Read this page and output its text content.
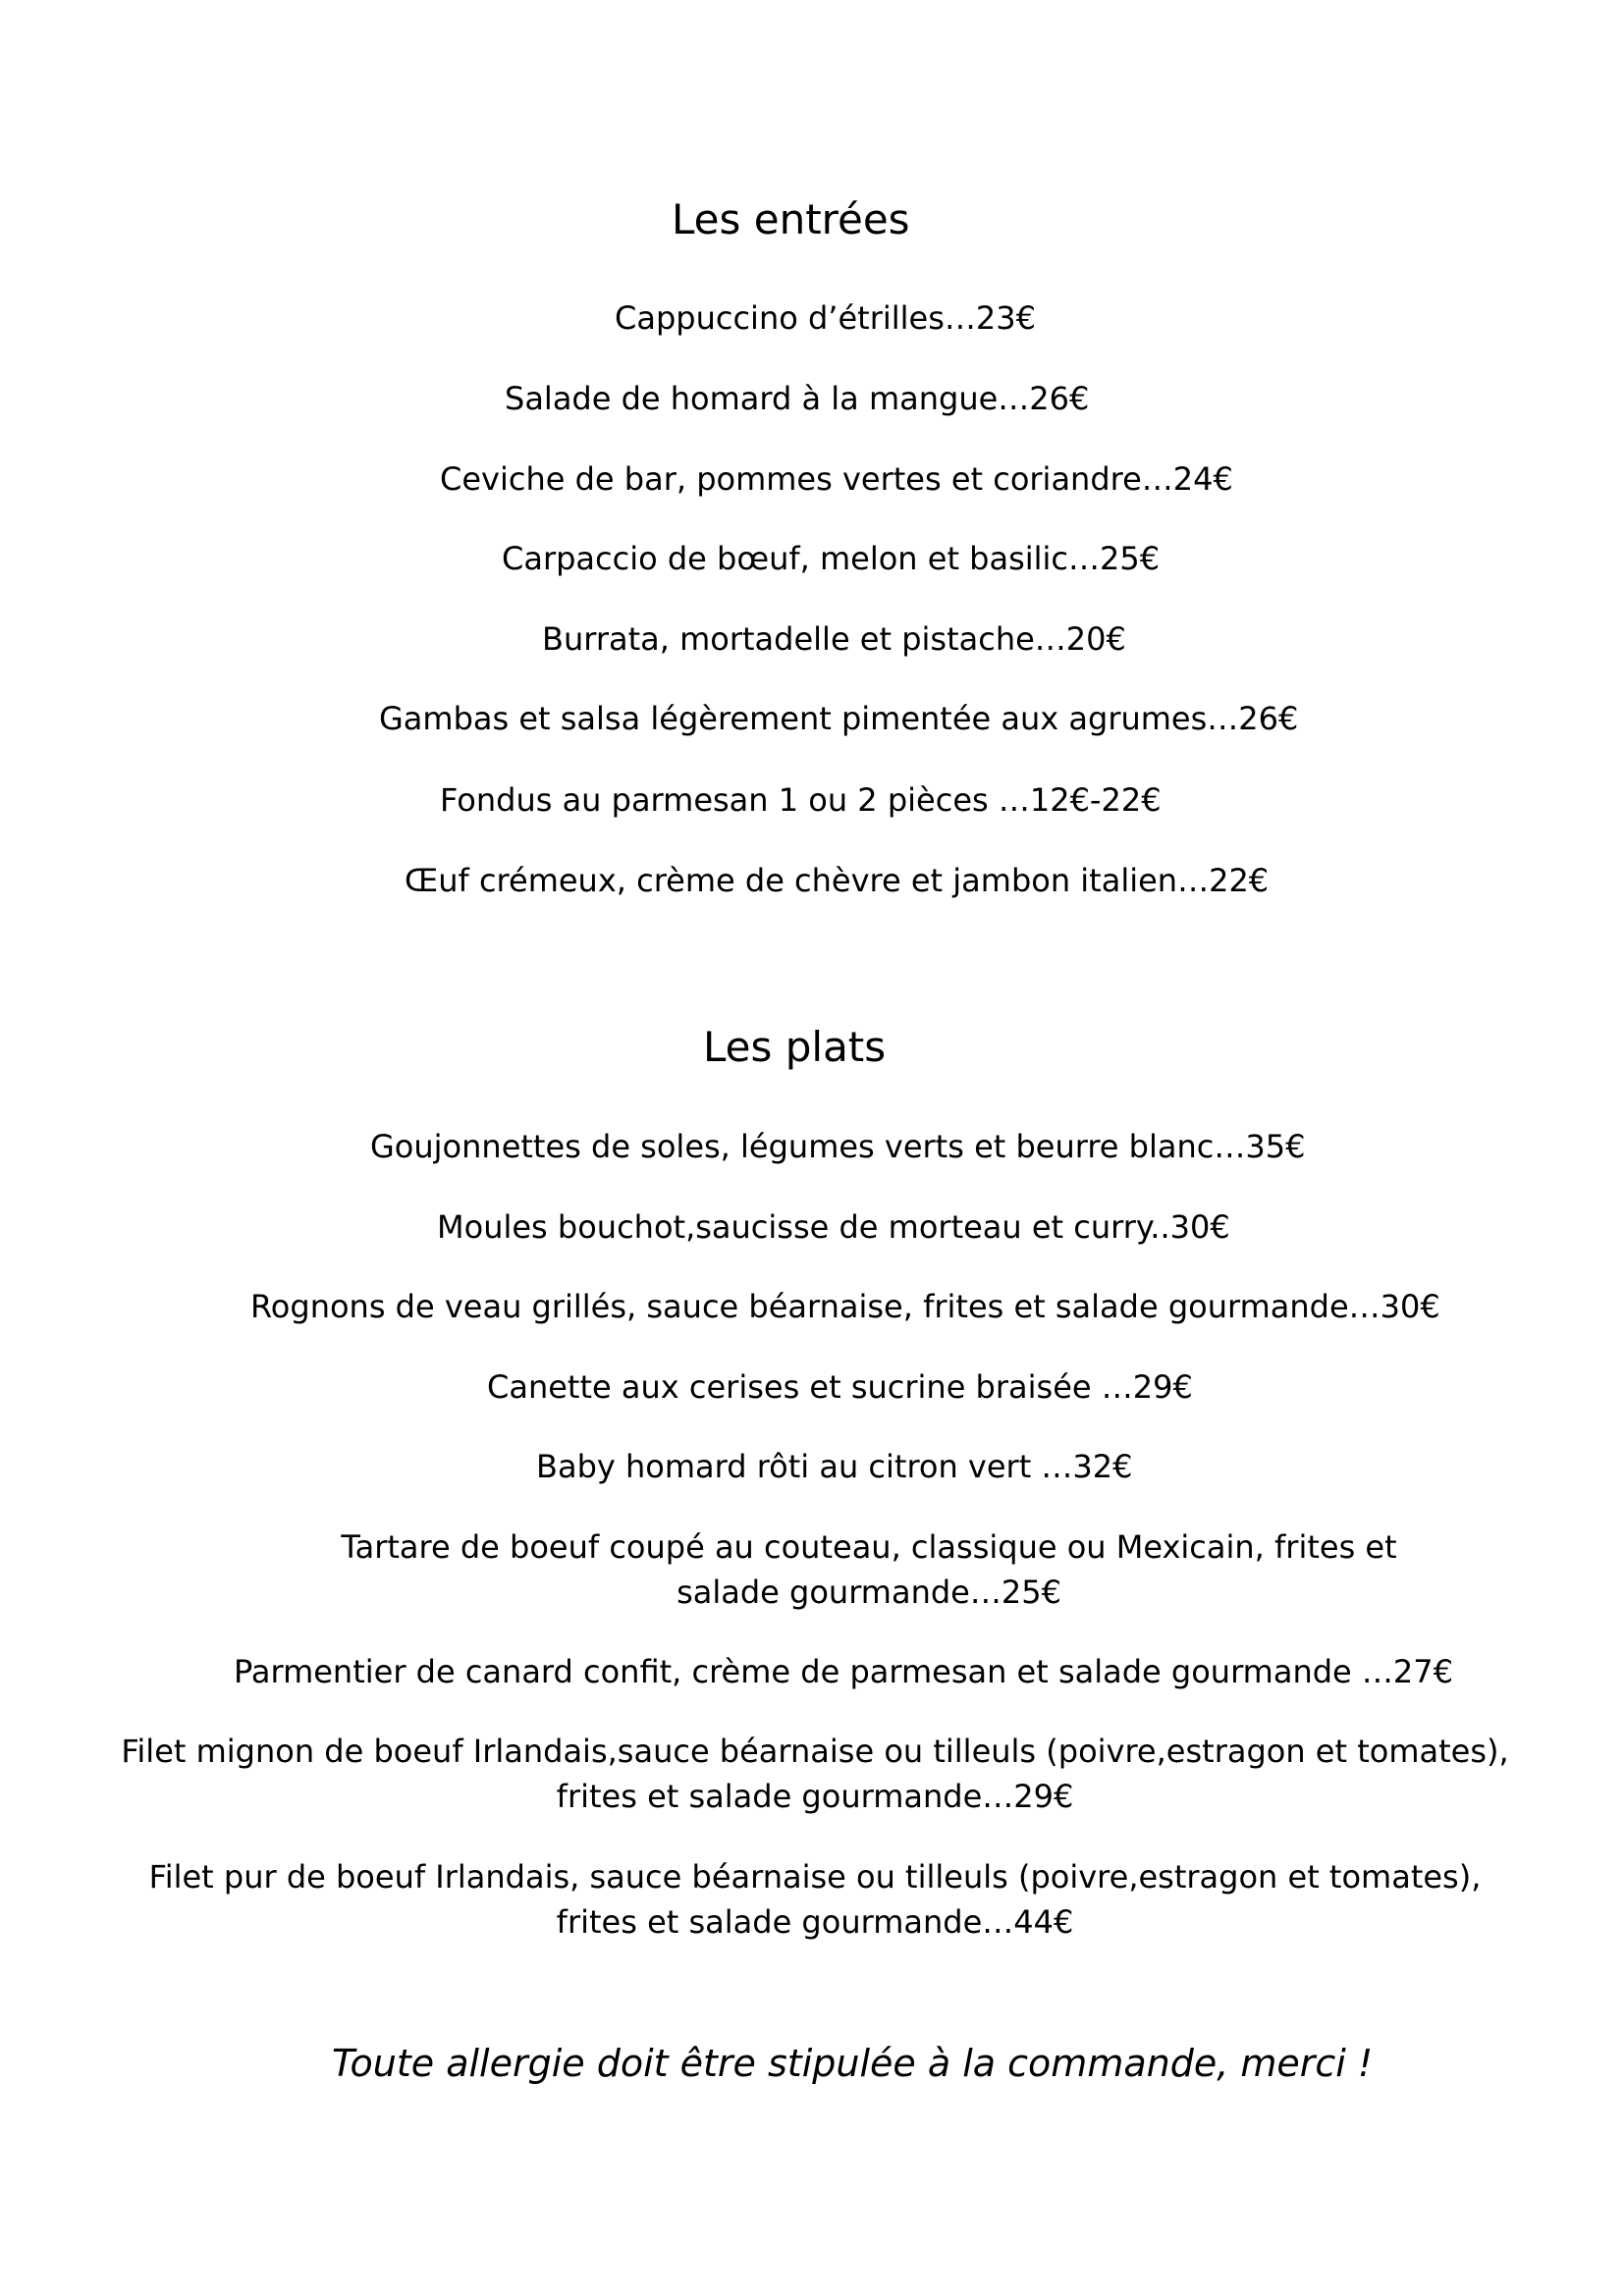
Les entrées
Cappuccino d’étrilles…23€
Salade de homard à la mangue…26€
Ceviche de bar, pommes vertes et coriandre…24€
Carpaccio de bœuf, melon et basilic…25€
Burrata, mortadelle et pistache…20€
Gambas et salsa légèrement pimentée aux agrumes…26€
Fondus au parmesan 1 ou 2 pièces …12€-22€
Œuf crémeux, crème de chèvre et jambon italien…22€
Les plats
Goujonnettes de soles, légumes verts et beurre blanc…35€
Moules bouchot,saucisse de morteau et curry..30€
Rognons de veau grillés, sauce béarnaise, frites et salade gourmande…30€
Canette aux cerises et sucrine braisée …29€
Baby homard rôti au citron vert …32€
Tartare de boeuf coupé au couteau, classique ou Mexicain, frites et salade gourmande…25€
Parmentier de canard confit, crème de parmesan et salade gourmande …27€
Filet mignon de boeuf Irlandais,sauce béarnaise ou tilleuls (poivre,estragon et tomates), frites et salade gourmande…29€
Filet pur de boeuf Irlandais, sauce béarnaise ou tilleuls (poivre,estragon et tomates), frites et salade gourmande…44€
Toute allergie doit être stipulée à la commande, merci !
